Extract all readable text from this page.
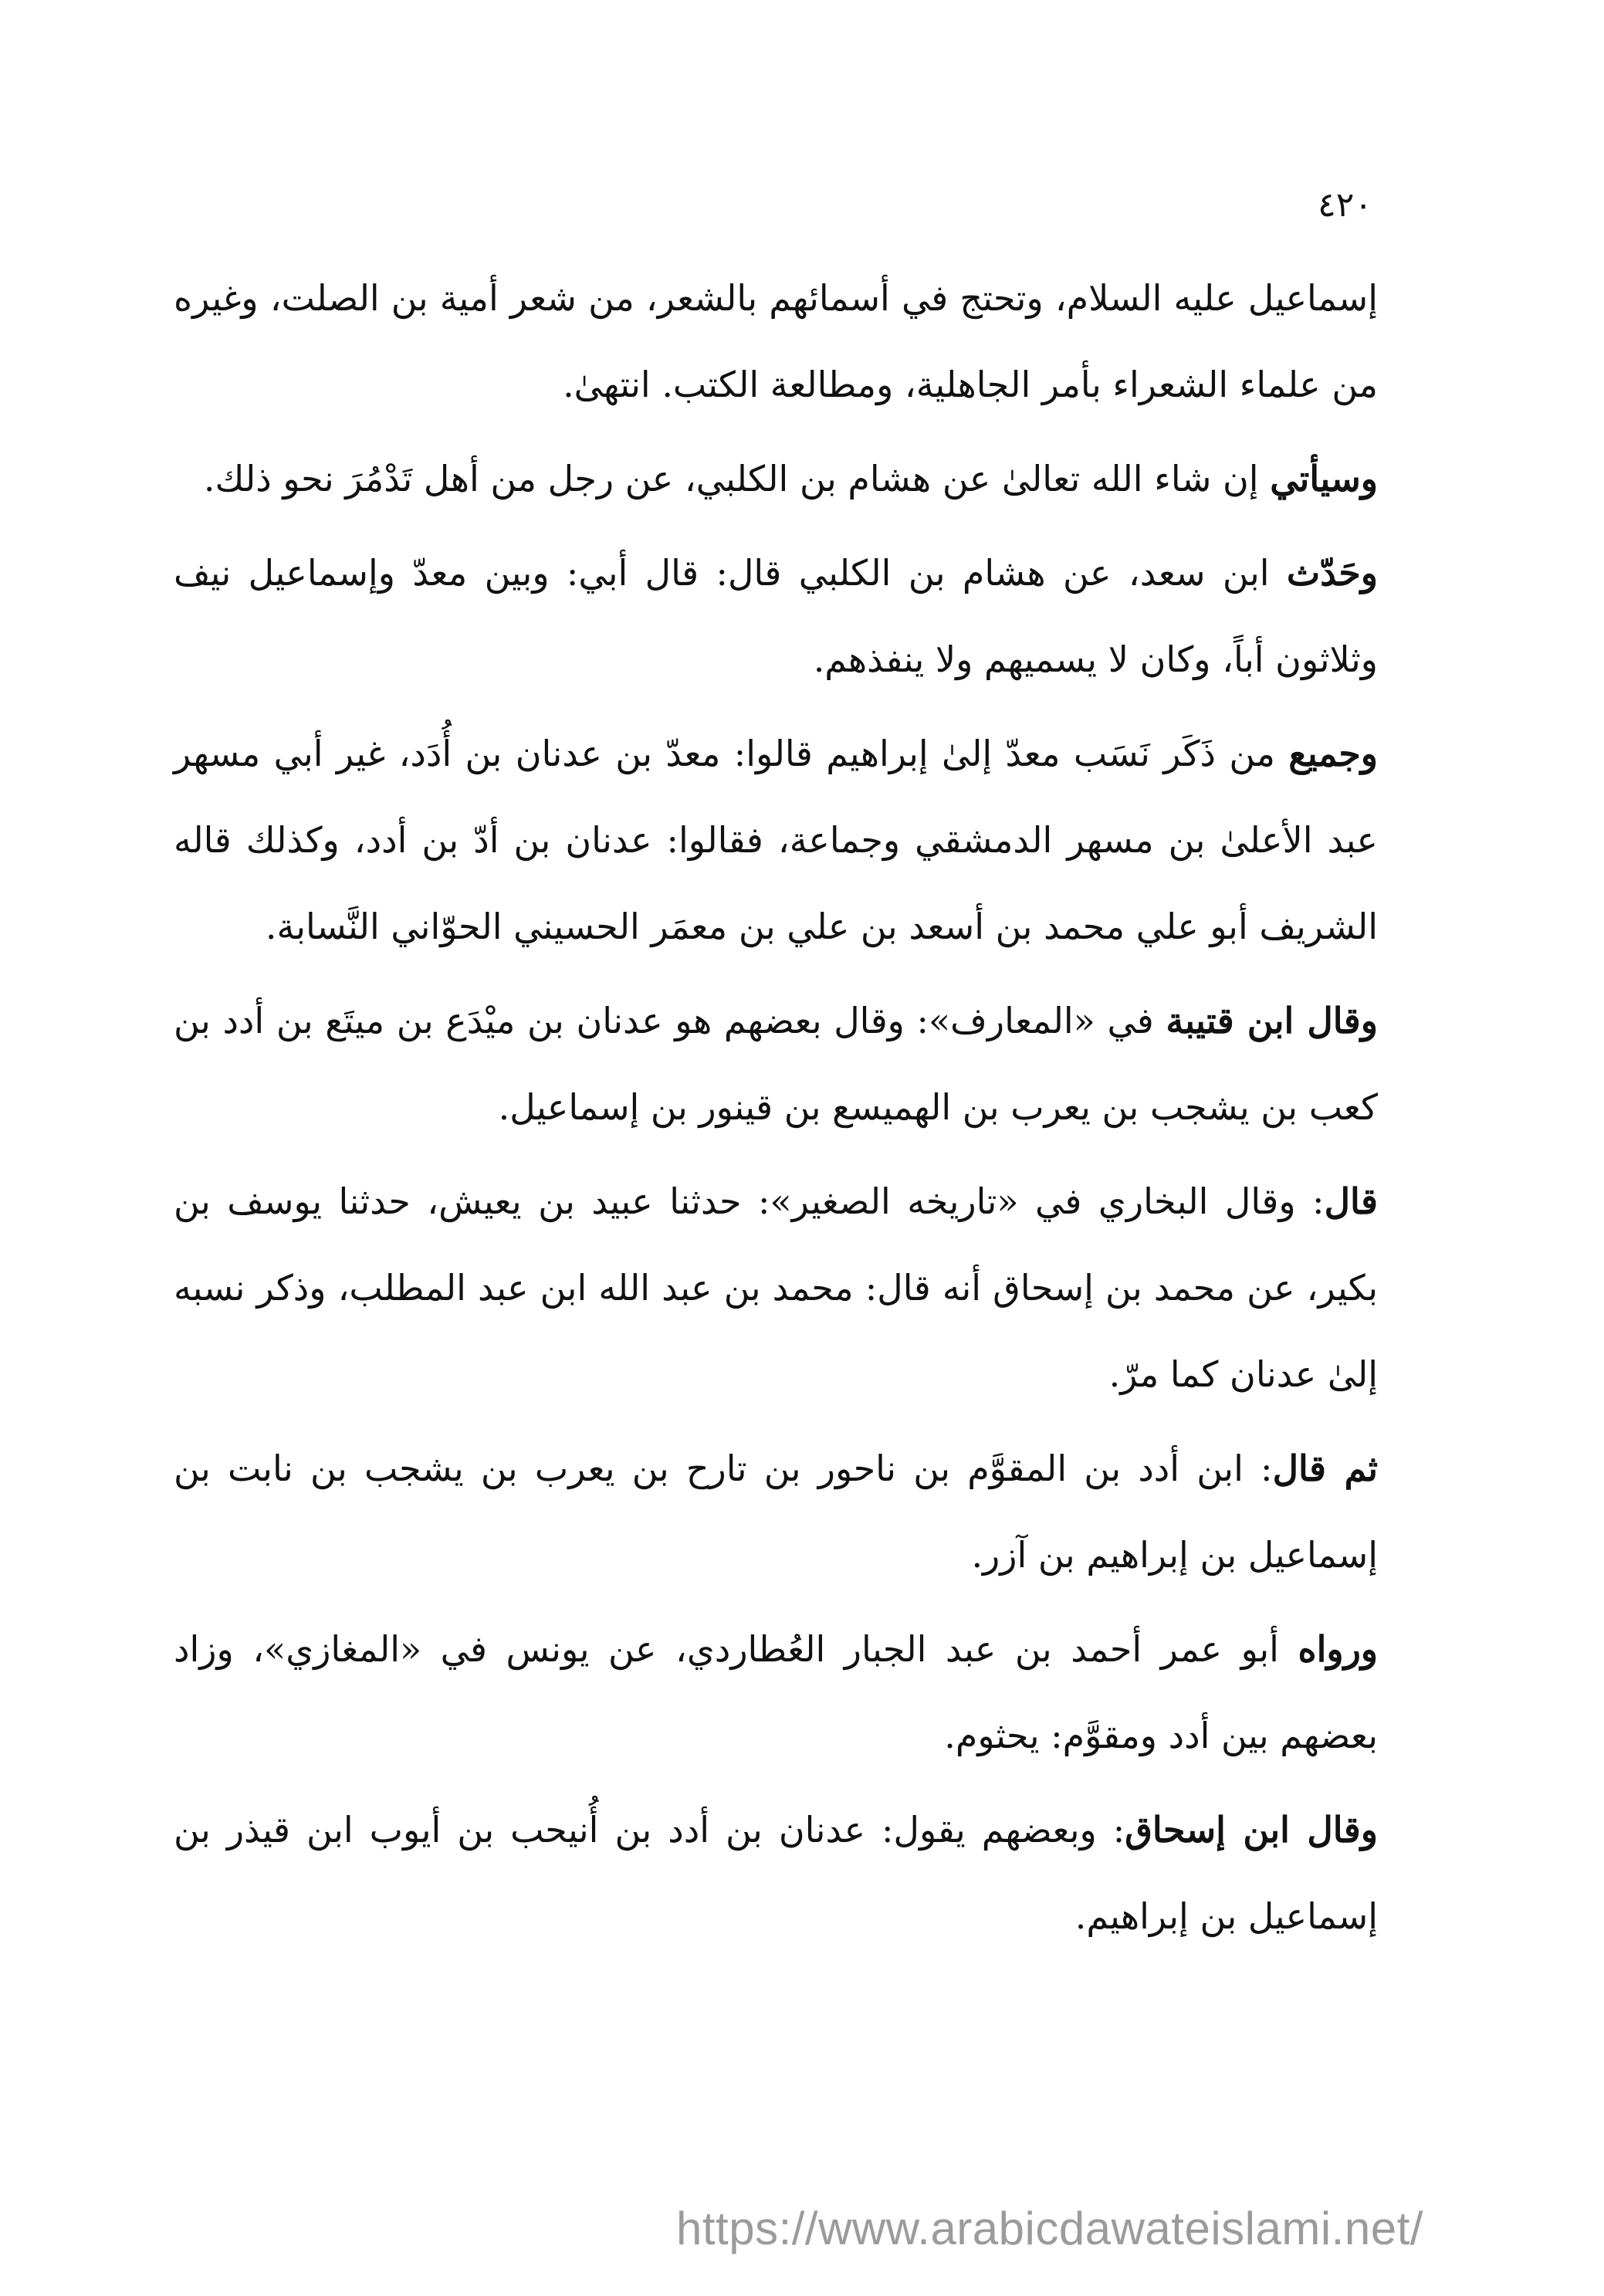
٤٢٠

إسماعيل عليه السلام، وتحتج في أسمائهم بالشعر، من شعر أمية بن الصلت، وغيره من علماء الشعراء بأمر الجاهلية، ومطالعة الكتب. انتهىٰ.

وسيأتي إن شاء الله تعالىٰ عن هشام بن الكلبي، عن رجل من أهل تَدْمُرَ نحو ذلك.

وحَدّث ابن سعد، عن هشام بن الكلبي قال: قال أبي: وبين معدّ وإسماعيل نيف وثلاثون أباً، وكان لا يسميهم ولا ينفذهم.

وجميع من ذَكَر نَسَب معدّ إلىٰ إبراهيم قالوا: معدّ بن عدنان بن أُدَد، غير أبي مسهر عبد الأعلىٰ بن مسهر الدمشقي وجماعة، فقالوا: عدنان بن أدّ بن أدد، وكذلك قاله الشريف أبو علي محمد بن أسعد بن علي بن معمَر الحسيني الحوّاني النَّسابة.

وقال ابن قتيبة في «المعارف»: وقال بعضهم هو عدنان بن ميْدَع بن ميتَع بن أدد بن كعب بن يشجب بن يعرب بن الهميسع بن قينور بن إسماعيل.

قال: وقال البخاري في «تاريخه الصغير»: حدثنا عبيد بن يعيش، حدثنا يوسف بن بكير، عن محمد بن إسحاق أنه قال: محمد بن عبد الله ابن عبد المطلب، وذكر نسبه إلىٰ عدنان كما مرّ.

ثم قال: ابن أدد بن المقوَّم بن ناحور بن تارح بن يعرب بن يشجب بن نابت بن إسماعيل بن إبراهيم بن آزر.

ورواه أبو عمر أحمد بن عبد الجبار العُطاردي، عن يونس في «المغازي»، وزاد بعضهم بين أدد ومقوَّم: يحثوم.

وقال ابن إسحاق: وبعضهم يقول: عدنان بن أدد بن أُنيحب بن أيوب ابن قيذر بن إسماعيل بن إبراهيم.

https://www.arabicdawateislami.net/
